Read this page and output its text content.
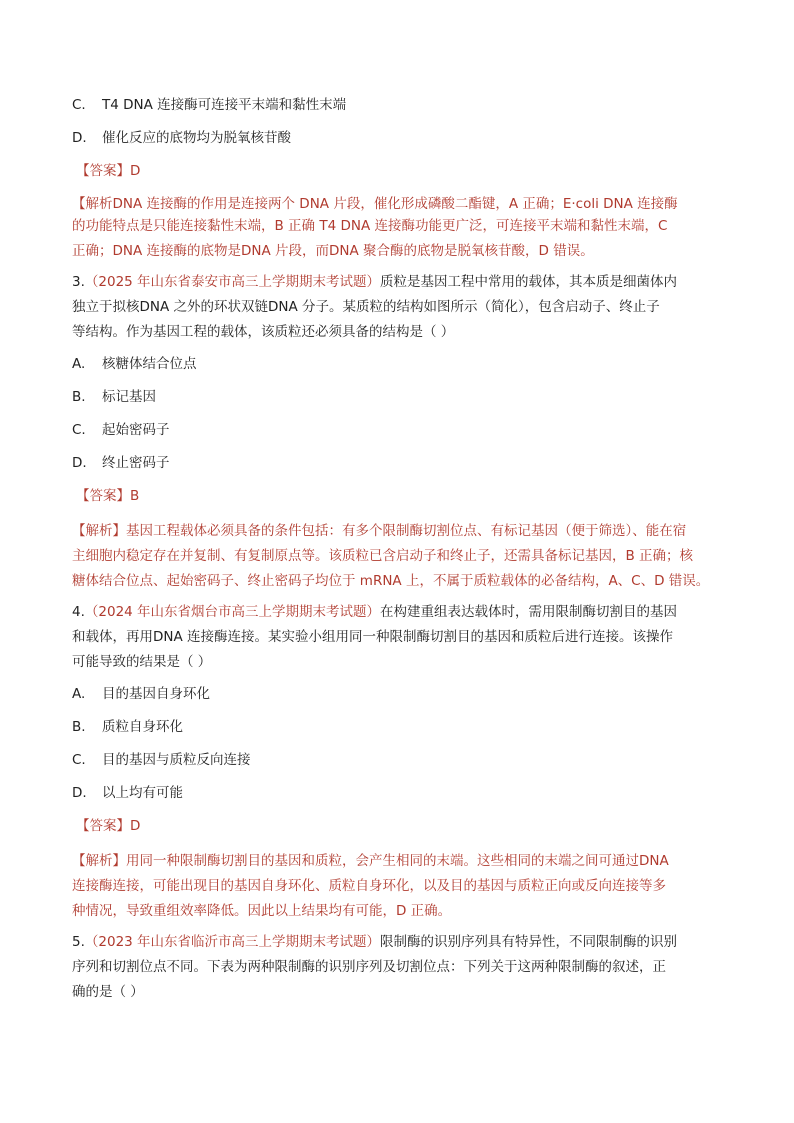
C.	T4 DNA 连接酶可连接平末端和黏性末端
D.	催化反应的底物均为脱氧核苷酸
【答案】D
【解析DNA 连接酶的作用是连接两个 DNA 片段，催化形成磷酸二酯键，A 正确；E·coli DNA 连接酶
的功能特点是只能连接黏性末端，B 正确 T4 DNA 连接酶功能更广泛，可连接平末端和黏性末端，C
正确；DNA 连接酶的底物是DNA 片段，而DNA 聚合酶的底物是脱氧核苷酸，D 错误。
3.（2025 年山东省泰安市高三上学期期末考试题）质粒是基因工程中常用的载体，其本质是细菌体内
独立于拟核DNA 之外的环状双链DNA 分子。某质粒的结构如图所示（简化），包含启动子、终止子
等结构。作为基因工程的载体，该质粒还必须具备的结构是（ ）
A.	核糖体结合位点
B.	标记基因
C.	起始密码子
D.	终止密码子
【答案】B
【解析】基因工程载体必须具备的条件包括：有多个限制酶切割位点、有标记基因（便于筛选）、能在宿
主细胞内稳定存在并复制、有复制原点等。该质粒已含启动子和终止子，还需具备标记基因，B 正确；核
糖体结合位点、起始密码子、终止密码子均位于 mRNA 上，不属于质粒载体的必备结构，A、C、D 错误。
4.（2024 年山东省烟台市高三上学期期末考试题）在构建重组表达载体时，需用限制酶切割目的基因
和载体，再用DNA 连接酶连接。某实验小组用同一种限制酶切割目的基因和质粒后进行连接。该操作
可能导致的结果是（ ）
A.	目的基因自身环化
B.	质粒自身环化
C.	目的基因与质粒反向连接
D.	以上均有可能
【答案】D
【解析】用同一种限制酶切割目的基因和质粒，会产生相同的末端。这些相同的末端之间可通过DNA
连接酶连接，可能出现目的基因自身环化、质粒自身环化，以及目的基因与质粒正向或反向连接等多
种情况，导致重组效率降低。因此以上结果均有可能，D 正确。
5.（2023 年山东省临沂市高三上学期期末考试题）限制酶的识别序列具有特异性，不同限制酶的识别
序列和切割位点不同。下表为两种限制酶的识别序列及切割位点：下列关于这两种限制酶的叙述，正
确的是（ ）
